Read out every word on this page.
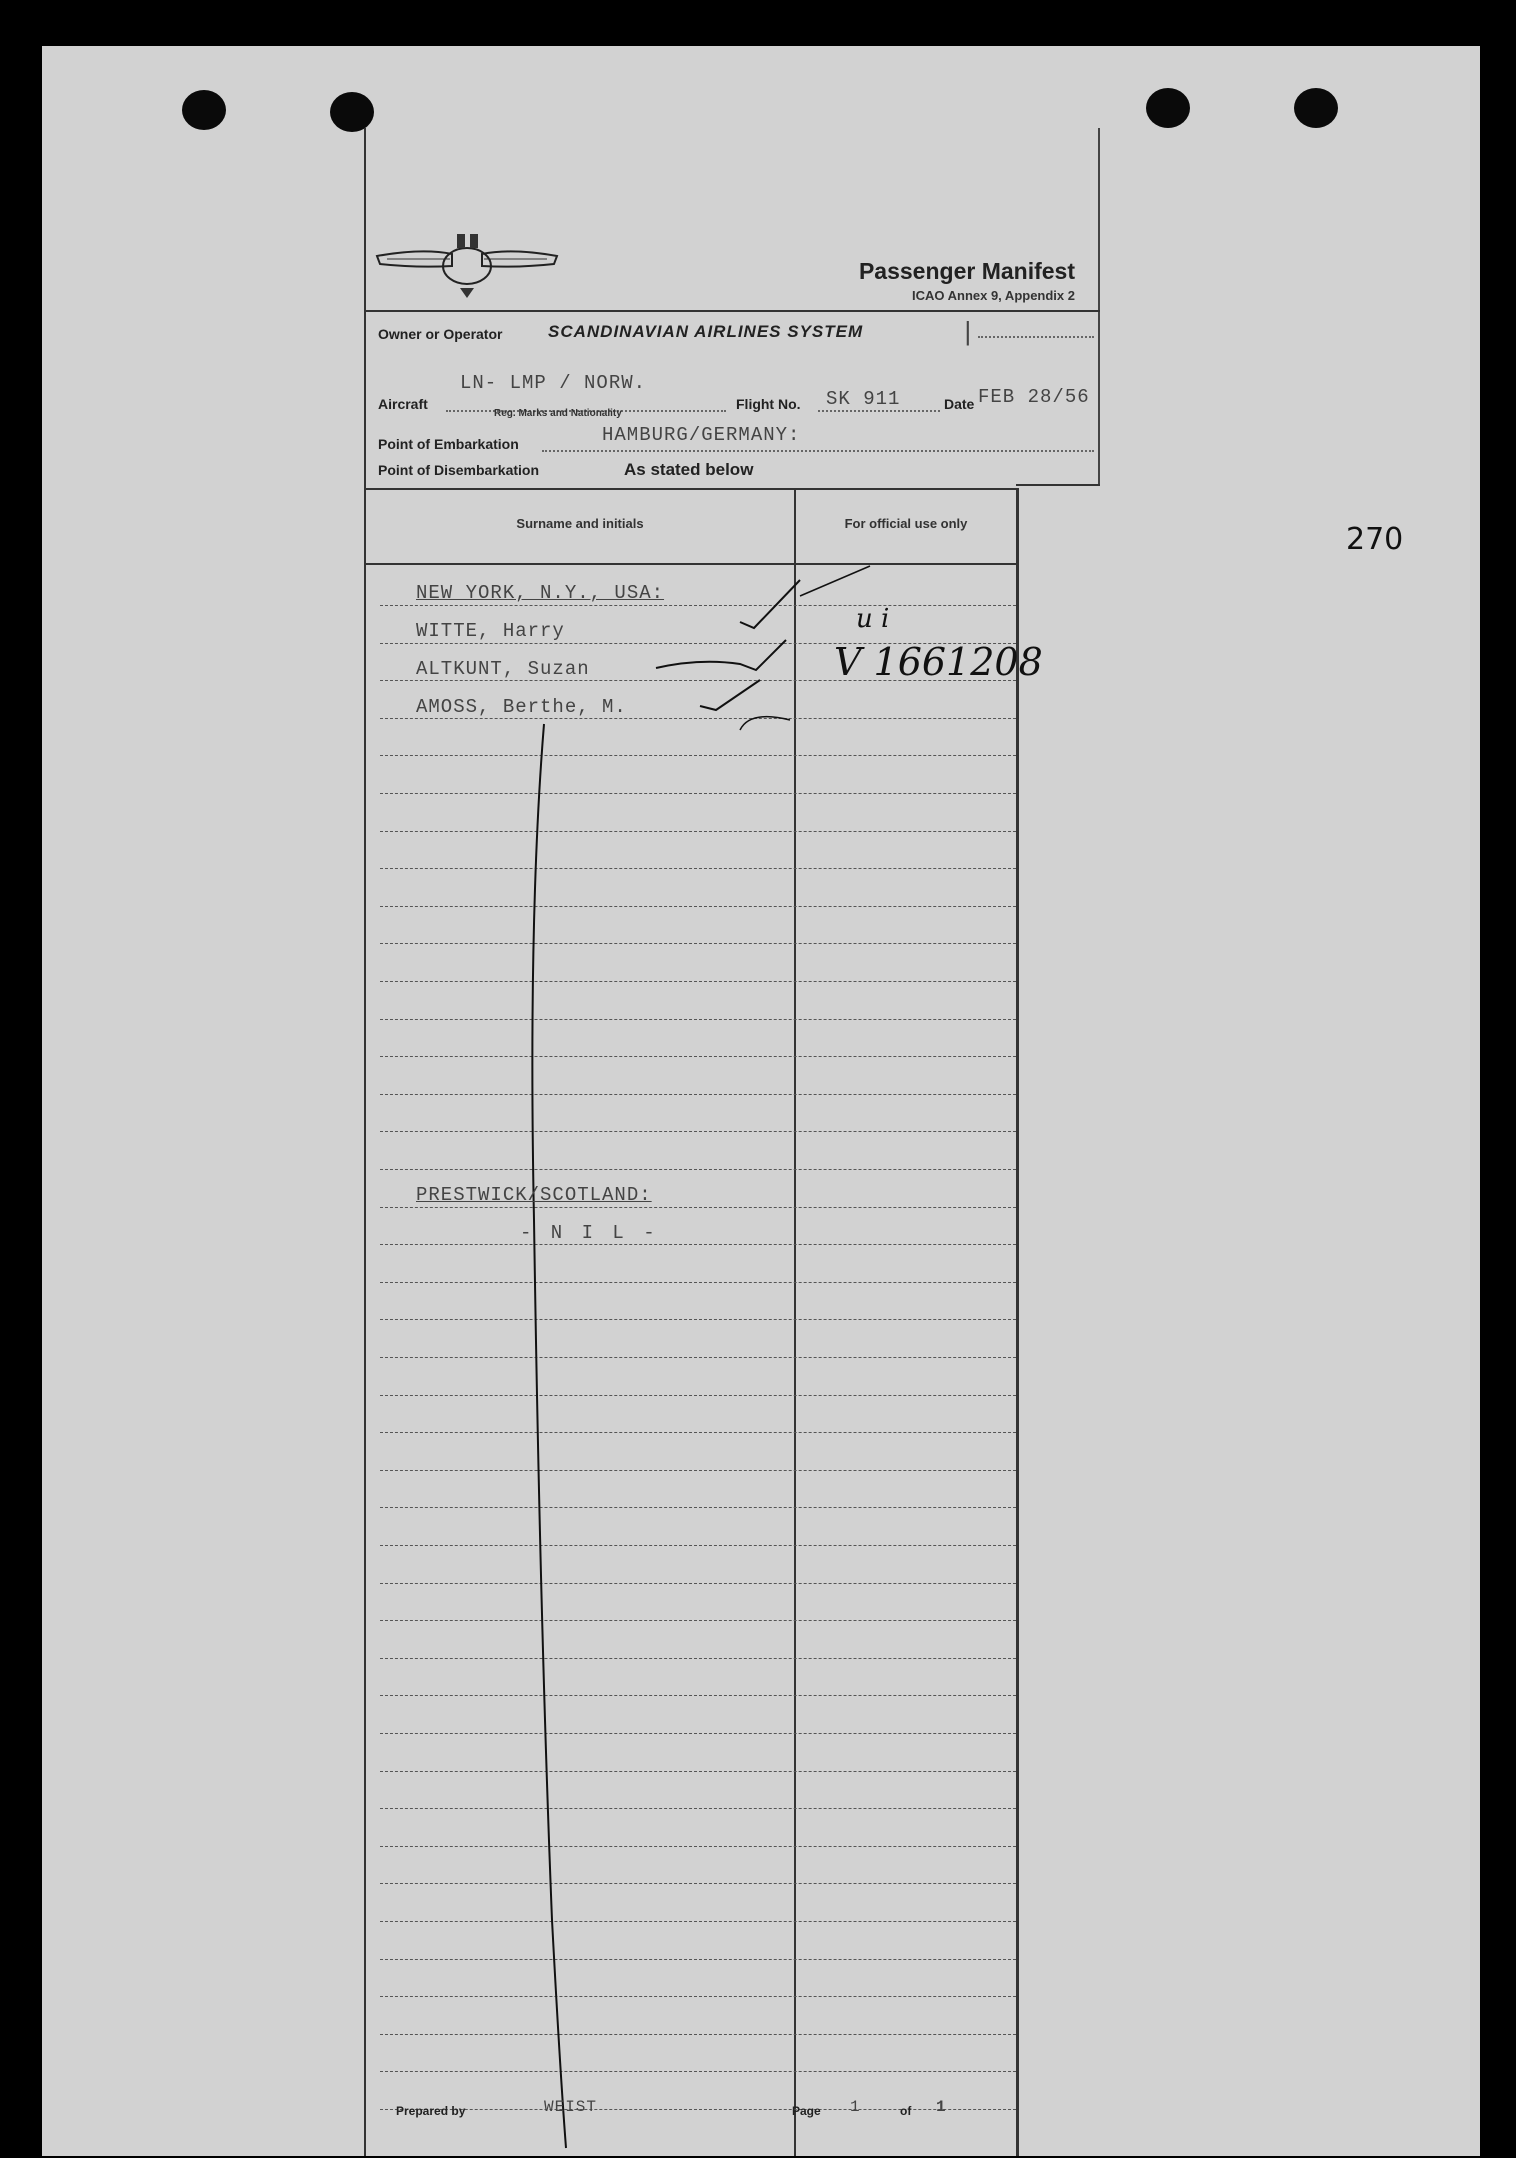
Passenger Manifest
ICAO Annex 9, Appendix 2
Owner or Operator	SCANDINAVIAN AIRLINES SYSTEM	|
LN- LMP / NORW.
Aircraft
Reg. Marks and Nationality
Flight No. SK 911	Date FEB 28/56
Point of Embarkation	HAMBURG/GERMANY:
Point of Disembarkation	As stated below
Surname and initials	For official use only
NEW YORK, N.Y., USA:
WITTE, Harry
ALTKUNT, Suzan
AMOSS, Berthe, M.
u i
V 1661208
270
PRESTWICK/SCOTLAND:
- N I L -
Prepared by	WEIST	Page 1	of 1
